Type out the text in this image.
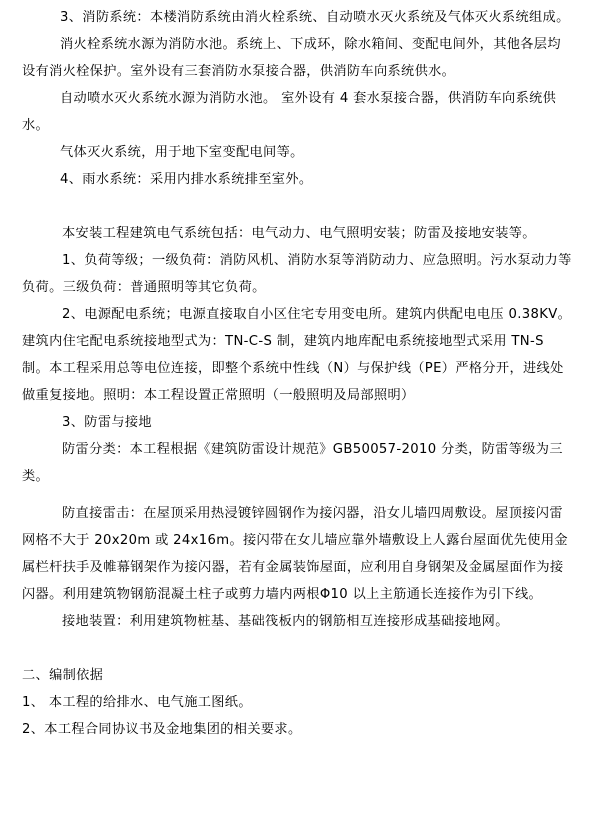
3、消防系统：本楼消防系统由消火栓系统、自动喷水灭火系统及气体灭火系统组成。

消火栓系统水源为消防水池。系统上、下成环，除水箱间、变配电间外，其他各层均设有消火栓保护。室外设有三套消防水泵接合器，供消防车向系统供水。

自动喷水灭火系统水源为消防水池。 室外设有 4 套水泵接合器，供消防车向系统供水。

气体灭火系统，用于地下室变配电间等。

4、雨水系统：采用内排水系统排至室外。

本安装工程建筑电气系统包括：电气动力、电气照明安装；防雷及接地安装等。

1、负荷等级；一级负荷：消防风机、消防水泵等消防动力、应急照明。污水泵动力等负荷。三级负荷：普通照明等其它负荷。

2、电源配电系统；电源直接取自小区住宅专用变电所。建筑内供配电电压 0.38KV。建筑内住宅配电系统接地型式为：TN-C-S 制，建筑内地库配电系统接地型式采用 TN-S 制。本工程采用总等电位连接，即整个系统中性线（N）与保护线（PE）严格分开，进线处做重复接地。照明：本工程设置正常照明（一般照明及局部照明）

3、防雷与接地

防雷分类：本工程根据《建筑防雷设计规范》GB50057-2010 分类，防雷等级为三类。

防直接雷击：在屋顶采用热浸镀锌圆钢作为接闪器，沿女儿墙四周敷设。屋顶接闪雷网格不大于 20x20m 或 24x16m。接闪带在女儿墙应靠外墙敷设上人露台屋面优先使用金属栏杆扶手及帷幕钢架作为接闪器，若有金属装饰屋面，应利用自身钢架及金属屋面作为接闪器。利用建筑物钢筋混凝土柱子或剪力墙内两根Φ10 以上主筋通长连接作为引下线。

接地装置：利用建筑物桩基、基础筏板内的钢筋相互连接形成基础接地网。

二、编制依据

1、 本工程的给排水、电气施工图纸。

2、本工程合同协议书及金地集团的相关要求。
